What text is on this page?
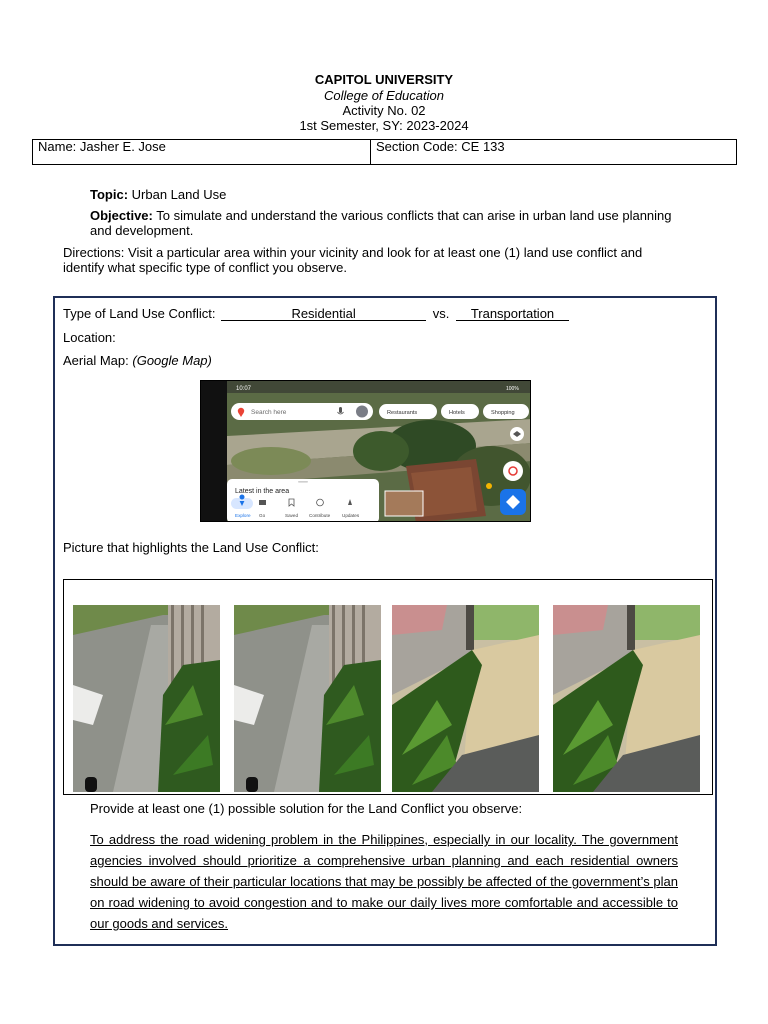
CAPITOL UNIVERSITY
College of Education
Activity No. 02
1st Semester, SY: 2023-2024
Name: Jasher E. Jose	Section Code: CE 133
Topic: Urban Land Use
Objective: To simulate and understand the various conflicts that can arise in urban land use planning and development.
Directions: Visit a particular area within your vicinity and look for at least one (1) land use conflict and identify what specific type of conflict you observe.
Type of Land Use Conflict:	Residential	vs. Transportation
Location:
Aerial Map: (Google Map)
10:07	100%
Search here	Restaurants	Hotels	Shopping
Latest in the area
Explore Go	Saved Contribute	Updates
Picture that highlights the Land Use Conflict:
Provide at least one (1) possible solution for the Land Conflict you observe:
To address the road widening problem in the Philippines, especially in our locality. The government agencies involved should prioritize a comprehensive urban planning and each residential owners should be aware of their particular locations that may be possibly be affected of the government’s plan on road widening to avoid congestion and to make our daily lives more comfortable and accessible to our goods and services.
